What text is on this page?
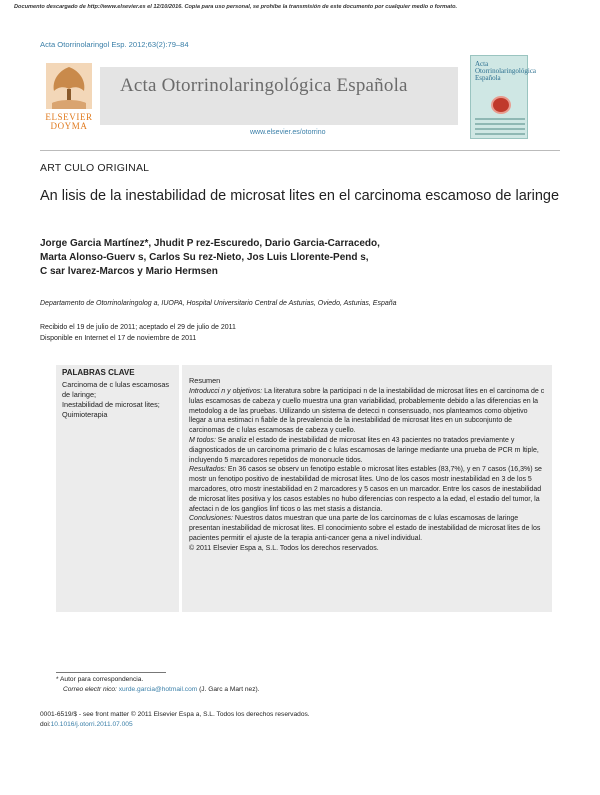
Documento descargado de http://www.elsevier.es el 12/10/2016. Copia para uso personal, se prohíbe la transmisión de este documento por cualquier medio o formato.
Acta Otorrinolaringol Esp. 2012;63(2):79–84
ELSEVIER
DOYMA
Acta Otorrinolaringológica Española
www.elsevier.es/otorrino
Acta Otorrinolaringológica Española
ART CULO ORIGINAL
An lisis de la inestabilidad de microsat lites en el carcinoma escamoso de laringe
Jorge Garcia Martínez*, Jhudit P rez-Escuredo, Dario Garcia-Carracedo,
Marta Alonso-Guerv s, Carlos Su rez-Nieto, Jos Luis Llorente-Pend s,
C sar lvarez-Marcos y Mario Hermsen
Departamento de Otorrinolaringolog a, IUOPA, Hospital Universitario Central de Asturias, Oviedo, Asturias, España
Recibido el 19 de julio de 2011; aceptado el 29 de julio de 2011
Disponible en Internet el 17 de noviembre de 2011
PALABRAS CLAVE
Carcinoma de c lulas escamosas de laringe;
Inestabilidad de microsat lites;
Quimioterapia
Resumen

Introducci n y objetivos: La literatura sobre la participaci n de la inestabilidad de microsat lites en el carcinoma de c lulas escamosas de cabeza y cuello muestra una gran variabilidad, probablemente debido a las diferencias en la metodolog a de las pruebas. Utilizando un sistema de detecci n consensuado, nos planteamos como objetivo llegar a una estimaci n fiable de la prevalencia de la inestabilidad de microsat lites en un subconjunto de carcinomas de c lulas escamosas de cabeza y cuello.

M todos: Se analiz el estado de inestabilidad de microsat lites en 43 pacientes no tratados previamente y diagnosticados de un carcinoma primario de c lulas escamosas de laringe mediante una prueba de PCR m ltiple, incluyendo 5 marcadores repetidos de mononucle tidos.

Resultados: En 36 casos se observ un fenotipo estable o microsat lites estables (83,7%), y en 7 casos (16,3%) se mostr un fenotipo positivo de inestabilidad de microsat lites. Uno de los casos mostr inestabilidad en 3 de los 5 marcadores, otro mostr inestabilidad en 2 marcadores y 5 casos en un marcador. Entre los casos de inestabilidad de microsat lites positiva y los casos estables no hubo diferencias con respecto a la edad, el estadio del tumor, la afectaci n de los ganglios linf ticos o las met stasis a distancia.

Conclusiones: Nuestros datos muestran que una parte de los carcinomas de c lulas escamosas de laringe presentan inestabilidad de microsat lites. El conocimiento sobre el estado de inestabilidad de microsat lites de los pacientes permitir el ajuste de la terapia anti-cancer gena a nivel individual.

© 2011 Elsevier Espa a, S.L. Todos los derechos reservados.

* Autor para correspondencia.
Correo electr nico: xurde.garcia@hotmail.com (J. Garc a Mart nez).
0001-6519/$ - see front matter © 2011 Elsevier Espa a, S.L. Todos los derechos reservados.
doi:10.1016/j.otorri.2011.07.005
